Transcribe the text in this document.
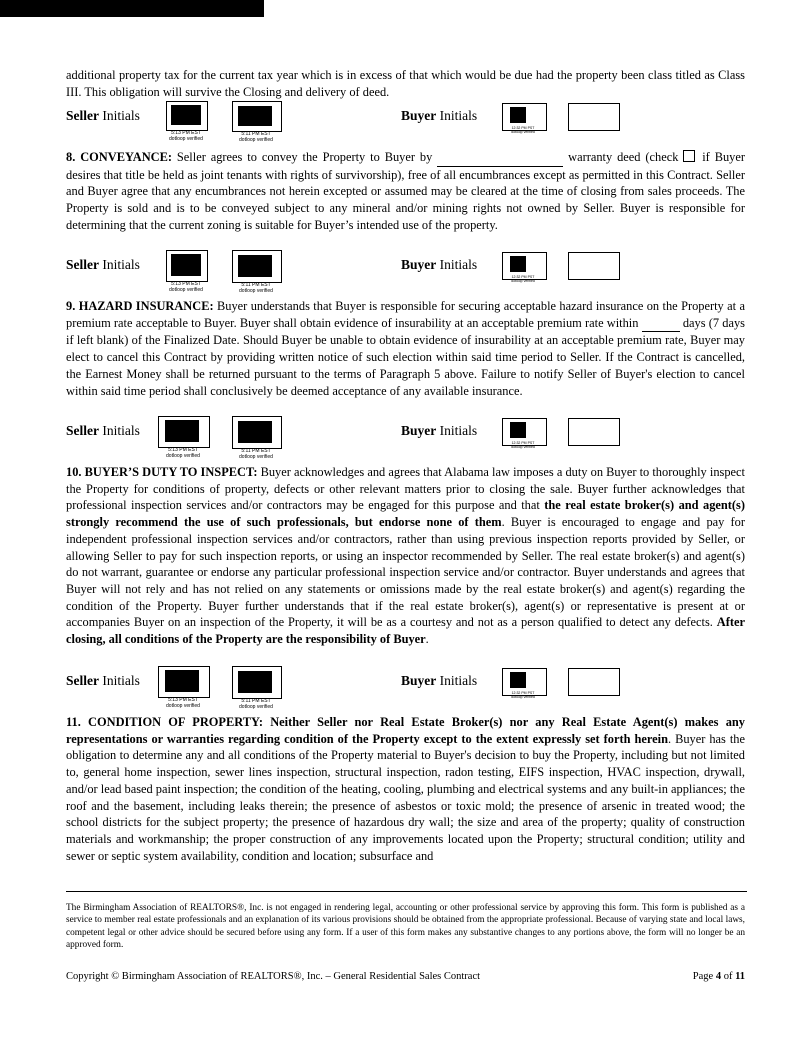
additional property tax for the current tax year which is in excess of that which would be due had the property been class titled as Class III. This obligation will survive the Closing and delivery of deed.

Seller Initials
5:13 PM EST
dotloop verified
5:11 PM EST
dotloop verified
Buyer Initials
12:32 PM PST
dotloop verified

8. CONVEYANCE: Seller agrees to convey the Property to Buyer by	warranty deed (check  if Buyer desires that title be held as joint tenants with rights of survivorship), free of all encumbrances except as permitted in this Contract. Seller and Buyer agree that any encumbrances not herein excepted or assumed may be cleared at the time of closing from sales proceeds. The Property is sold and is to be conveyed subject to any mineral and/or mining rights not owned by Seller. Buyer is responsible for determining that the current zoning is suitable for Buyer’s intended use of the property.

Seller Initials
5:13 PM EST
dotloop verified
5:11 PM EST
dotloop verified
Buyer Initials
12:32 PM PST
dotloop verified

9. HAZARD INSURANCE: Buyer understands that Buyer is responsible for securing acceptable hazard insurance on the Property at a premium rate acceptable to Buyer. Buyer shall obtain evidence of insurability at an acceptable premium rate within	days (7 days if left blank) of the Finalized Date. Should Buyer be unable to obtain evidence of insurability at an acceptable premium rate, Buyer may elect to cancel this Contract by providing written notice of such election within said time period to Seller. If the Contract is cancelled, the Earnest Money shall be returned pursuant to the terms of Paragraph 5 above. Failure to notify Seller of Buyer's election to cancel within said time period shall conclusively be deemed acceptance of any available insurance.

Seller Initials
5:13 PM EST
dotloop verified
5:11 PM EST
dotloop verified
Buyer Initials
12:32 PM PST
dotloop verified

10. BUYER’S DUTY TO INSPECT: Buyer acknowledges and agrees that Alabama law imposes a duty on Buyer to thoroughly inspect the Property for conditions of property, defects or other relevant matters prior to closing the sale. Buyer further acknowledges that professional inspection services and/or contractors may be engaged for this purpose and that the real estate broker(s) and agent(s) strongly recommend the use of such professionals, but endorse none of them. Buyer is encouraged to engage and pay for independent professional inspection services and/or contractors, rather than using previous inspection reports provided by Seller, or allowing Seller to pay for such inspection reports, or using an inspector recommended by Seller. The real estate broker(s) and agent(s) do not warrant, guarantee or endorse any particular professional inspection service and/or contractor. Buyer understands and agrees that Buyer will not rely and has not relied on any statements or omissions made by the real estate broker(s) and agent(s) regarding the condition of the Property. Buyer further understands that if the real estate broker(s), agent(s) or representative is present at or accompanies Buyer on an inspection of the Property, it will be as a courtesy and not as a person qualified to detect any defects. After closing, all conditions of the Property are the responsibility of Buyer.

Seller Initials
5:13 PM EST
dotloop verified
5:11 PM EST
dotloop verified
Buyer Initials
12:32 PM PST
dotloop verified

11. CONDITION OF PROPERTY: Neither Seller nor Real Estate Broker(s) nor any Real Estate Agent(s) makes any representations or warranties regarding condition of the Property except to the extent expressly set forth herein. Buyer has the obligation to determine any and all conditions of the Property material to Buyer's decision to buy the Property, including but not limited to, general home inspection, sewer lines inspection, structural inspection, radon testing, EIFS inspection, HVAC inspection, drywall, and/or lead based paint inspection; the condition of the heating, cooling, plumbing and electrical systems and any built-in appliances; the roof and the basement, including leaks therein; the presence of asbestos or toxic mold; the presence of arsenic in treated wood; the school districts for the subject property; the presence of hazardous dry wall; the size and area of the property; quality of construction materials and workmanship; the proper construction of any improvements located upon the Property; structural condition; utility and sewer or septic system availability, condition and location; subsurface and

The Birmingham Association of REALTORS®, Inc. is not engaged in rendering legal, accounting or other professional service by approving this form. This form is published as a service to member real estate professionals and an explanation of its various provisions should be obtained from the appropriate professional. Because of varying state and local laws, competent legal or other advice should be secured before using any form. If a user of this form makes any substantive changes to any portions above, the form will no longer be an approved form.
Copyright © Birmingham Association of REALTORS®, Inc. – General Residential Sales Contract	Page 4 of 11
